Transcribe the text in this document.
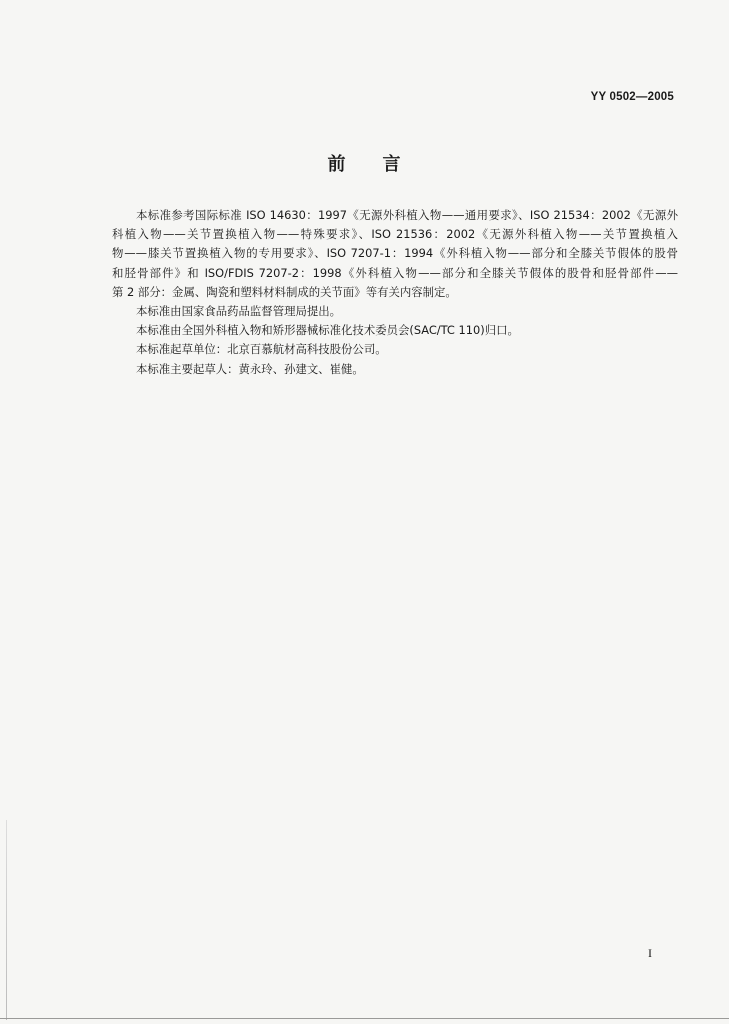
YY 0502—2005
前 言
本标准参考国际标准 ISO 14630：1997《无源外科植入物——通用要求》、ISO 21534：2002《无源外
科植入物——关节置换植入物——特殊要求》、ISO 21536：2002《无源外科植入物——关节置换植入
物——膝关节置换植入物的专用要求》、ISO 7207-1：1994《外科植入物——部分和全膝关节假体的股骨
和胫骨部件》和 ISO/FDIS 7207-2：1998《外科植入物——部分和全膝关节假体的股骨和胫骨部件——
第 2 部分：金属、陶瓷和塑料材料制成的关节面》等有关内容制定。
本标准由国家食品药品监督管理局提出。
本标准由全国外科植入物和矫形器械标准化技术委员会(SAC/TC 110)归口。
本标准起草单位：北京百慕航材高科技股份公司。
本标准主要起草人：黄永玲、孙建文、崔健。
I
